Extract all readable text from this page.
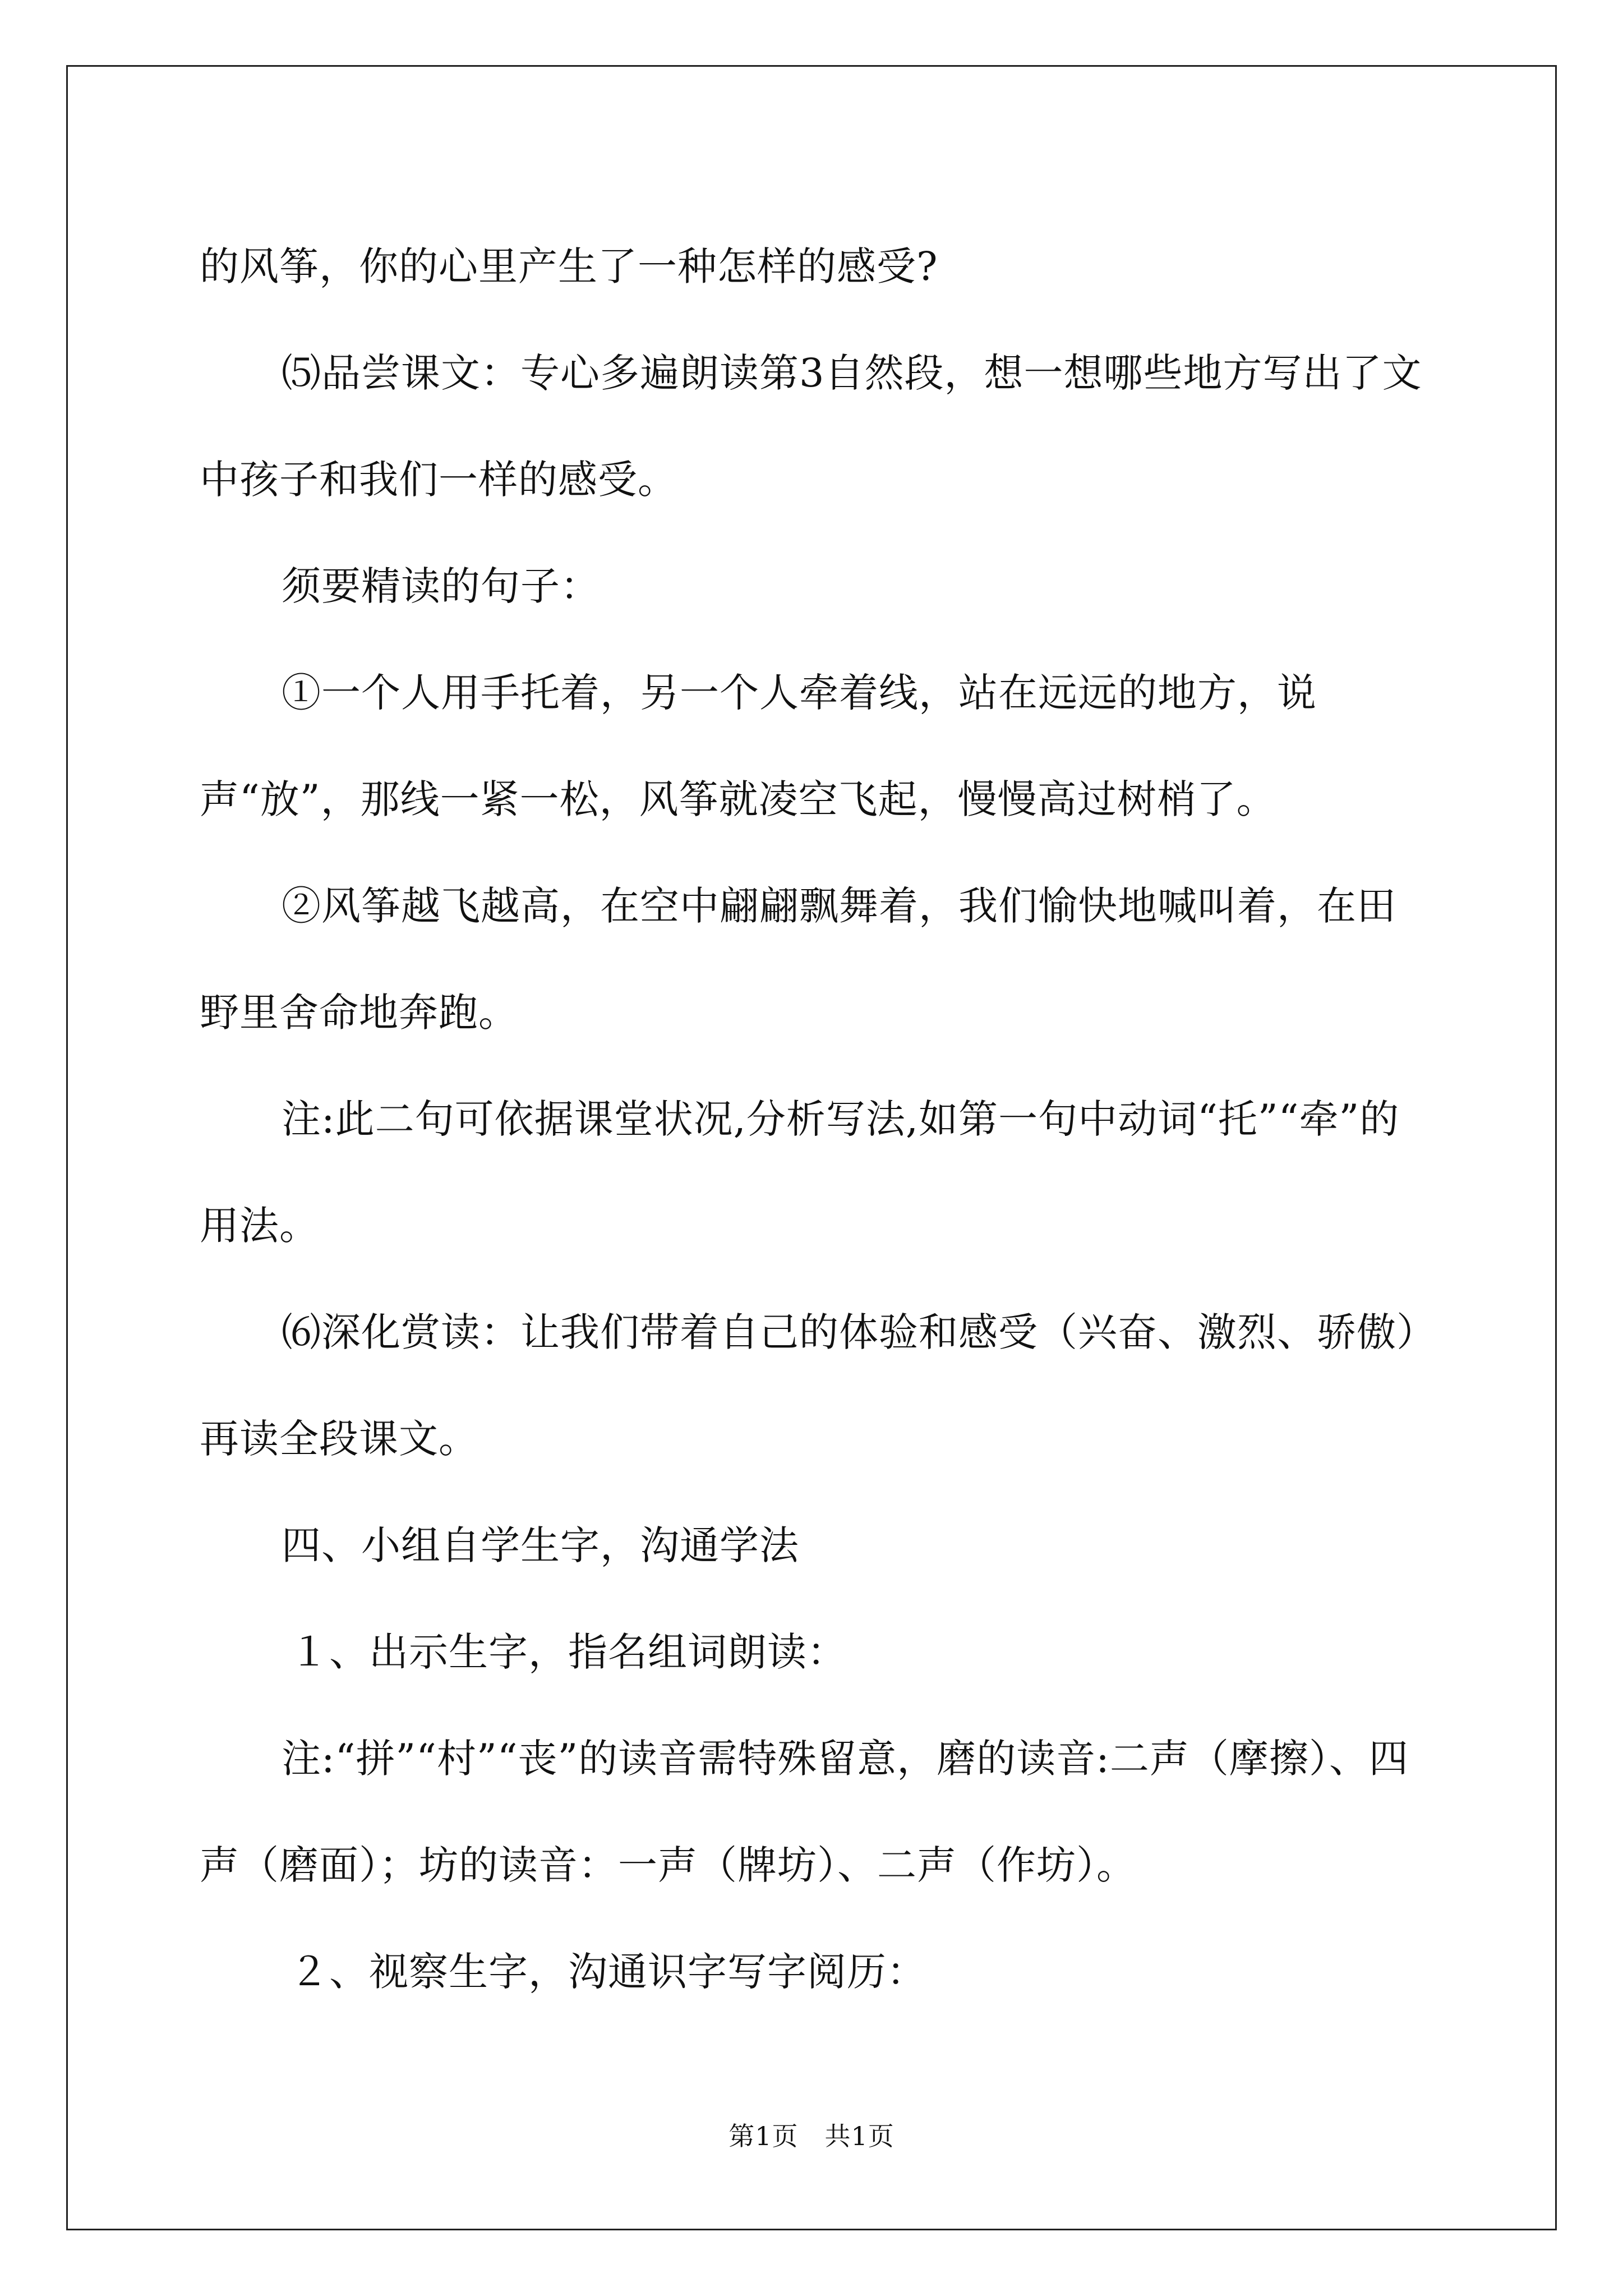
的风筝，你的心里产生了一种怎样的感受?

⑸品尝课文：专心多遍朗读第3自然段，想一想哪些地方写出了文中孩子和我们一样的感受。

须要精读的句子：

①一个人用手托着，另一个人牵着线，站在远远的地方，说声“放”，那线一紧一松，风筝就凌空飞起，慢慢高过树梢了。

②风筝越飞越高，在空中翩翩飘舞着，我们愉快地喊叫着，在田野里舍命地奔跑。

注:此二句可依据课堂状况,分析写法,如第一句中动词“托”“牵”的用法。

⑹深化赏读：让我们带着自己的体验和感受（兴奋、激烈、骄傲）再读全段课文。

四、小组自学生字，沟通学法

１、出示生字，指名组词朗读：

注:“拼”“村”“丧”的读音需特殊留意，磨的读音:二声（摩擦）、四声（磨面）；坊的读音：一声（牌坊）、二声（作坊）。

２、视察生字，沟通识字写字阅历：

第1页　共1页
